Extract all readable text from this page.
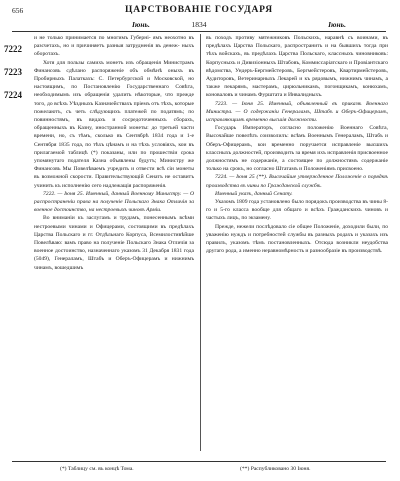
656	ЦАРСТВОВАНIЕ ГОСУДАРЯ
Iюнь.	1834	Iюнь.
7222
7223
7224

и не только принимается по многимъ Губерні- ямъ неохотно въ разсчетахъ, но и причиняетъ разныя затрудненія въ денеж- ныхъ оборотахъ.

Хотя для пользы самихъ монетъ изъ обращенія Министрамъ Финансовъ сдѣлано распоряженіе объ обмѣнѣ оныхъ въ Пробирныхъ Палаткахъ: С. Петербургской и Московской, но настоящимъ, по Постановленію Государственнаго Совѣта, необходимымъ изъ обращенія удалить нѣкоторые, что прежде того, до всѣхъ Уѣздныхъ Казначействахъ пріемъ отъ тѣхъ, которые пожелаютъ, съ четь слѣдующихъ платежей по податямъ; по повинностямъ, въ видахъ и сосредоточенныхъ сборахъ, обращенныхъ въ Казну, иностранной монеты: до третьей части времени, но, съ тѣмъ, сколько въ Сентябрѣ 1834 года и 1-е Сентября 1835 года, по тѣхъ цѣнамъ и на тѣхъ условіяхъ, кои въ прилагаемой таблицѣ (*) показаны, или по прошествіи срока упомянутаго подателя Казна объявлены будутъ; Министру же Финансовъ Мы Повелѣваемъ учредить и отвести всѣ сіи монеты въ возможной скорости. Правительствующій Сенатъ не оставитъ учинить къ исполненію сего надлежащія распоряженія.

7222. — Iюня 25. Именный, данный Военному Министру. — О распространеніи права на полученіе Польскаго Знака Отличія за военное достоинство, на нестроевыхъ чиновъ Арміи.

Во вниманіи къ заслугамъ и трудамъ, понесеннымъ всѣми нестроевыми чинами и Офицерами, состоящими въ предѣлахъ Царства Польскаго и гг. Отдѣльнаго Корпуса, Всемилостивѣйше Повелѣваю: вамъ право на полученіе Польскаго Знака Отличія за военное достоинство, назначеннаго указомъ 31 Декабря 1831 года (5049), Генераламъ, Штабъ и Оберъ-Офицерамъ и нижнимъ чинамъ, вошедшимъ

въ походъ противу мятежниковъ Польскихъ, наравнѣ съ воинами, въ предѣлахъ Царства Польскаго, распространить и на бывшихъ тогда при тѣхъ войскахъ, въ предѣлахъ Царства Польскаго, классныхъ чиновниковъ: Корпусныхъ и Дивизіонныхъ Штабовъ, Коммиссаріатскаго и Провіантскаго вѣдомства, Ундеръ-Бергмейстеровъ, Бергмейстеровъ, Квартирмейстеровъ, Аудиторовъ, Ветеринарныхъ Лекарей и къ рядовымъ, нижнимъ чинамъ, а также пекарямъ, мастерамъ, цирюльникамъ, погонщикамъ, конюхамъ, коноваловъ и чинамъ Фурштата и Инвалидныхъ.

7223. — Iюня 25. Именный, объявленный въ приказѣ Военнаго Министра. — О содержаніи Генераламъ, Штабъ и Оберъ-Офицерамъ, исправляющимъ временно высшія должности.

Государь Императоръ, согласно положенію Военнаго Совѣта, Высочайше повелѣть соизволилъ: всѣмъ Военнымъ Генераламъ, Штабъ и Оберъ-Офицерамъ, кои временно поручается исправленіе высшихъ классныхъ должностей, производить за время ихъ исправленія присвоенное должностямъ не содержаніе, а состоящее по должностямъ содержаніе только на срокъ, но согласно Штатамъ и Положеніямъ присвоено.

7224. — Iюня 25 (**). Высочайше утвержденное Положеніе о порядкѣ производства въ чины по Гражданской службѣ.

Именный указъ, данный Сенату.

Указомъ 1809 года установлено было порядокъ производства въ чины 8-го и 5-го класса вообще для общаго и всѣхъ Гражданскихъ чиновъ и частыхъ лицъ, по экзамену.

Прежде, нежели послѣдовало сіе общее Положеніе, доходили были, по уваженію нуждъ и потребностей службы въ разныхъ родахъ и указахъ изъ правилъ, указомъ тѣмъ постановленныхъ. Отсюда возникли неудобства другаго рода, а именно неравномѣрность и разнообразіе въ производствѣ.

(*) Таблицу см. въ концѣ Тома.	(**) Распубликовано 30 Iюня.
